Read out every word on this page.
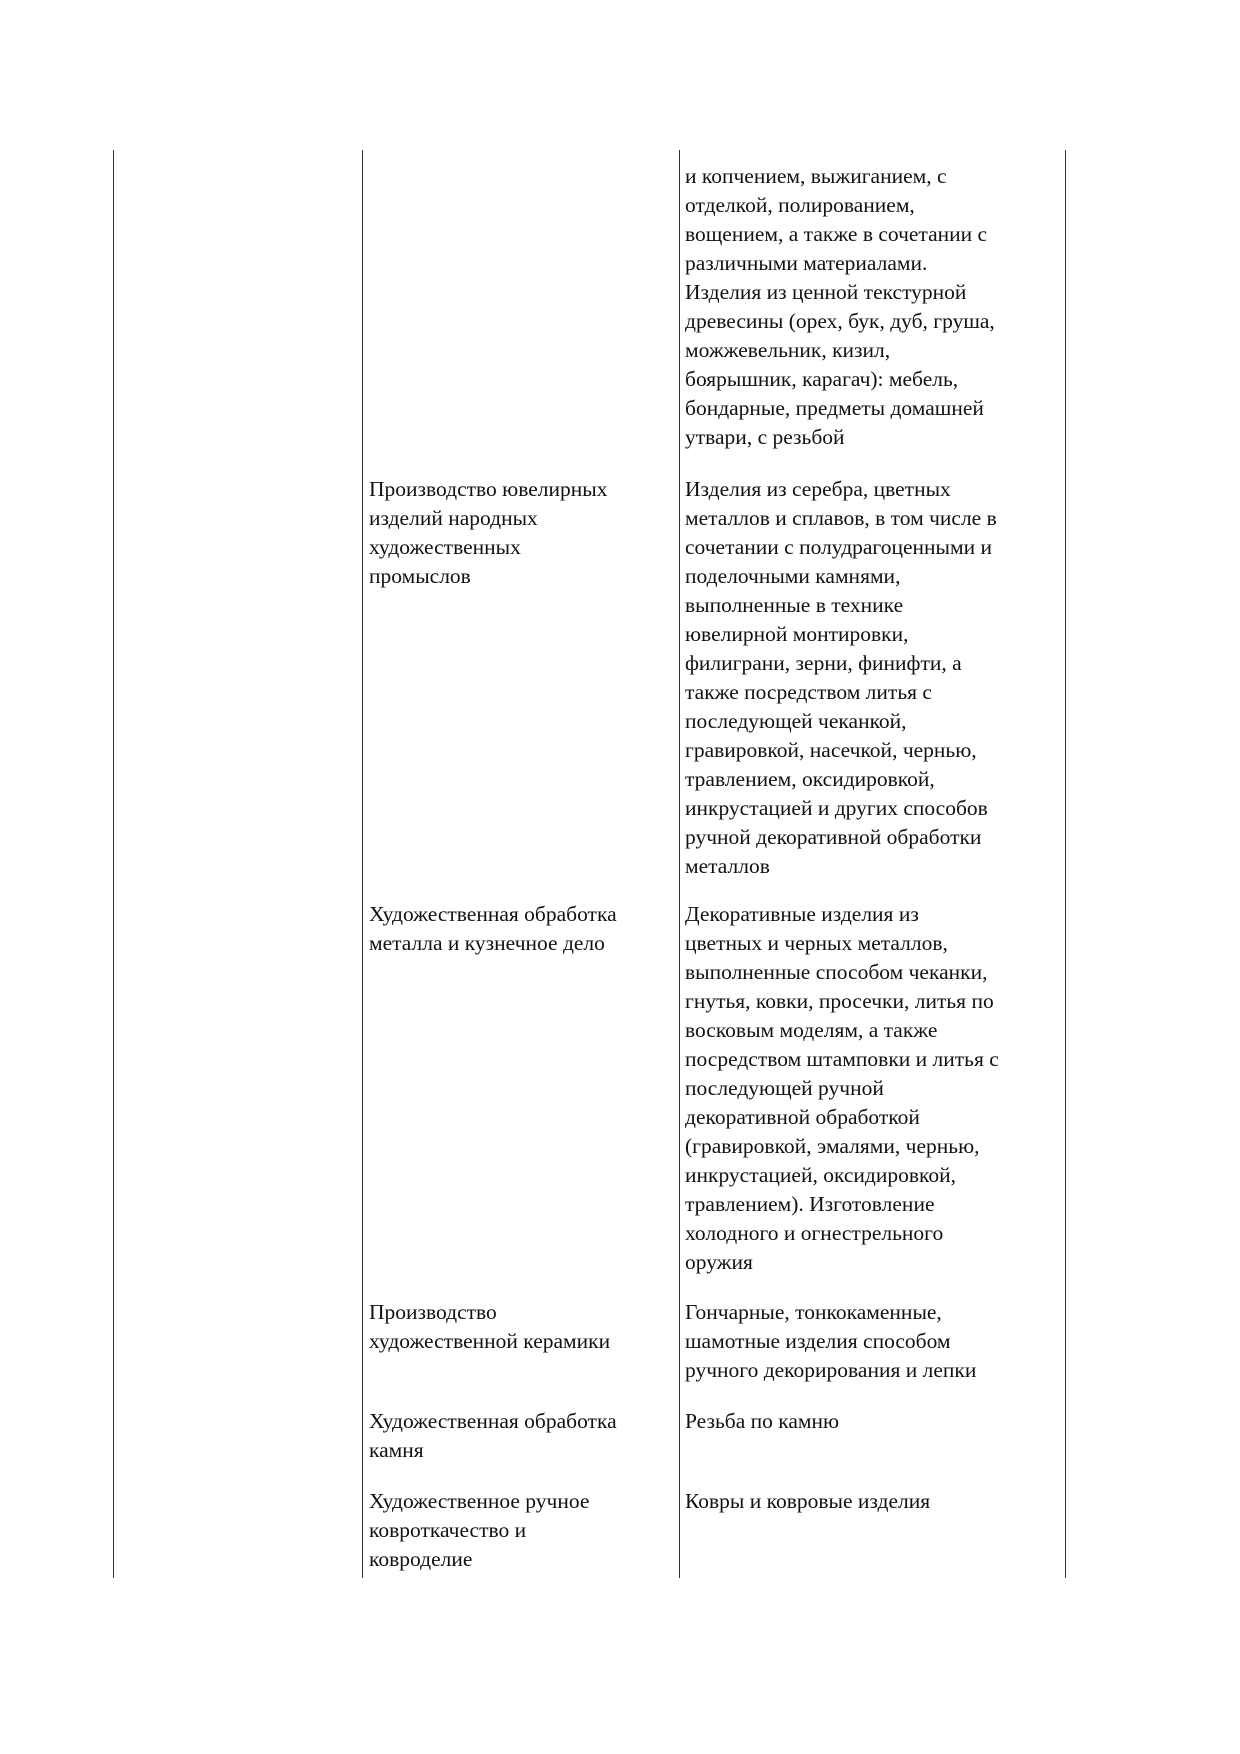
и копчением, выжиганием, с
отделкой, полированием,
вощением, а также в сочетании с
различными материалами.
Изделия из ценной текстурной
древесины (орех, бук, дуб, груша,
можжевельник, кизил,
боярышник, карагач): мебель,
бондарные, предметы домашней
утвари, с резьбой
Производство ювелирных
изделий народных
художественных
промыслов
Изделия из серебра, цветных
металлов и сплавов, в том числе в
сочетании с полудрагоценными и
поделочными камнями,
выполненные в технике
ювелирной монтировки,
филиграни, зерни, финифти, а
также посредством литья с
последующей чеканкой,
гравировкой, насечкой, чернью,
травлением, оксидировкой,
инкрустацией и других способов
ручной декоративной обработки
металлов
Художественная обработка
металла и кузнечное дело
Декоративные изделия из
цветных и черных металлов,
выполненные способом чеканки,
гнутья, ковки, просечки, литья по
восковым моделям, а также
посредством штамповки и литья с
последующей ручной
декоративной обработкой
(гравировкой, эмалями, чернью,
инкрустацией, оксидировкой,
травлением). Изготовление
холодного и огнестрельного
оружия
Производство
художественной керамики
Гончарные, тонкокаменные,
шамотные изделия способом
ручного декорирования и лепки
Художественная обработка
камня
Резьба по камню
Художественное ручное
ковроткачество и
ковроделие
Ковры и ковровые изделия
